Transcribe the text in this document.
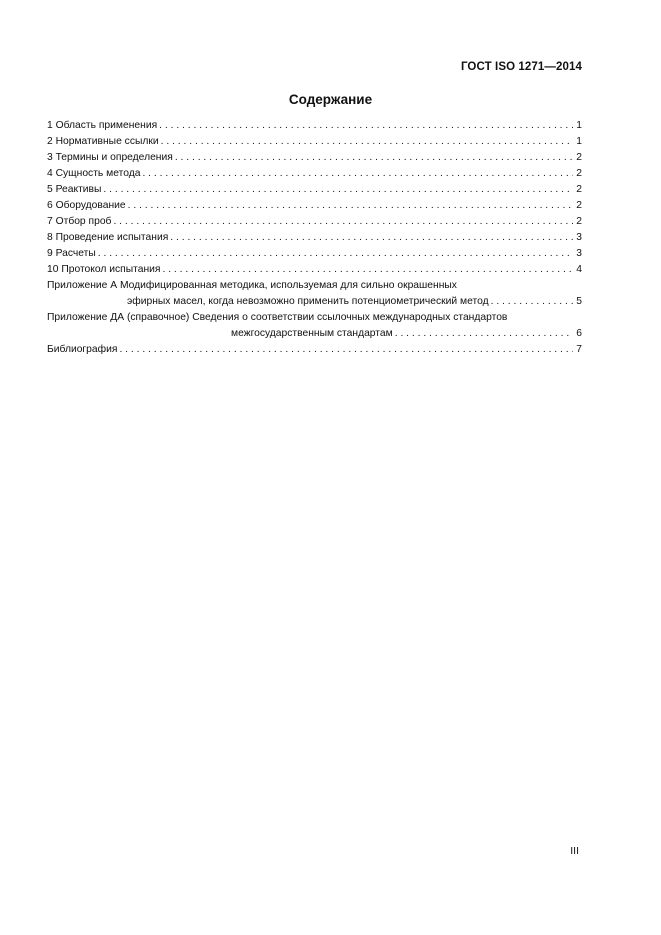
ГОСТ ISO 1271—2014
Содержание
1 Область применения . . .	1
2 Нормативные ссылки . . .	1
3 Термины и определения . . .	2
4 Сущность метода . . .	2
5 Реактивы . . .	2
6 Оборудование . . .	2
7 Отбор проб . . .	2
8 Проведение испытания . . .	3
9 Расчеты . . .	3
10 Протокол испытания . . .	4
Приложение А Модифицированная методика, используемая для сильно окрашенных
эфирных масел, когда невозможно применить потенциометрический метод . . .	5
Приложение ДА (справочное) Сведения о соответствии ссылочных международных стандартов
межгосударственным стандартам . . .	6
Библиография . . .	7
III
